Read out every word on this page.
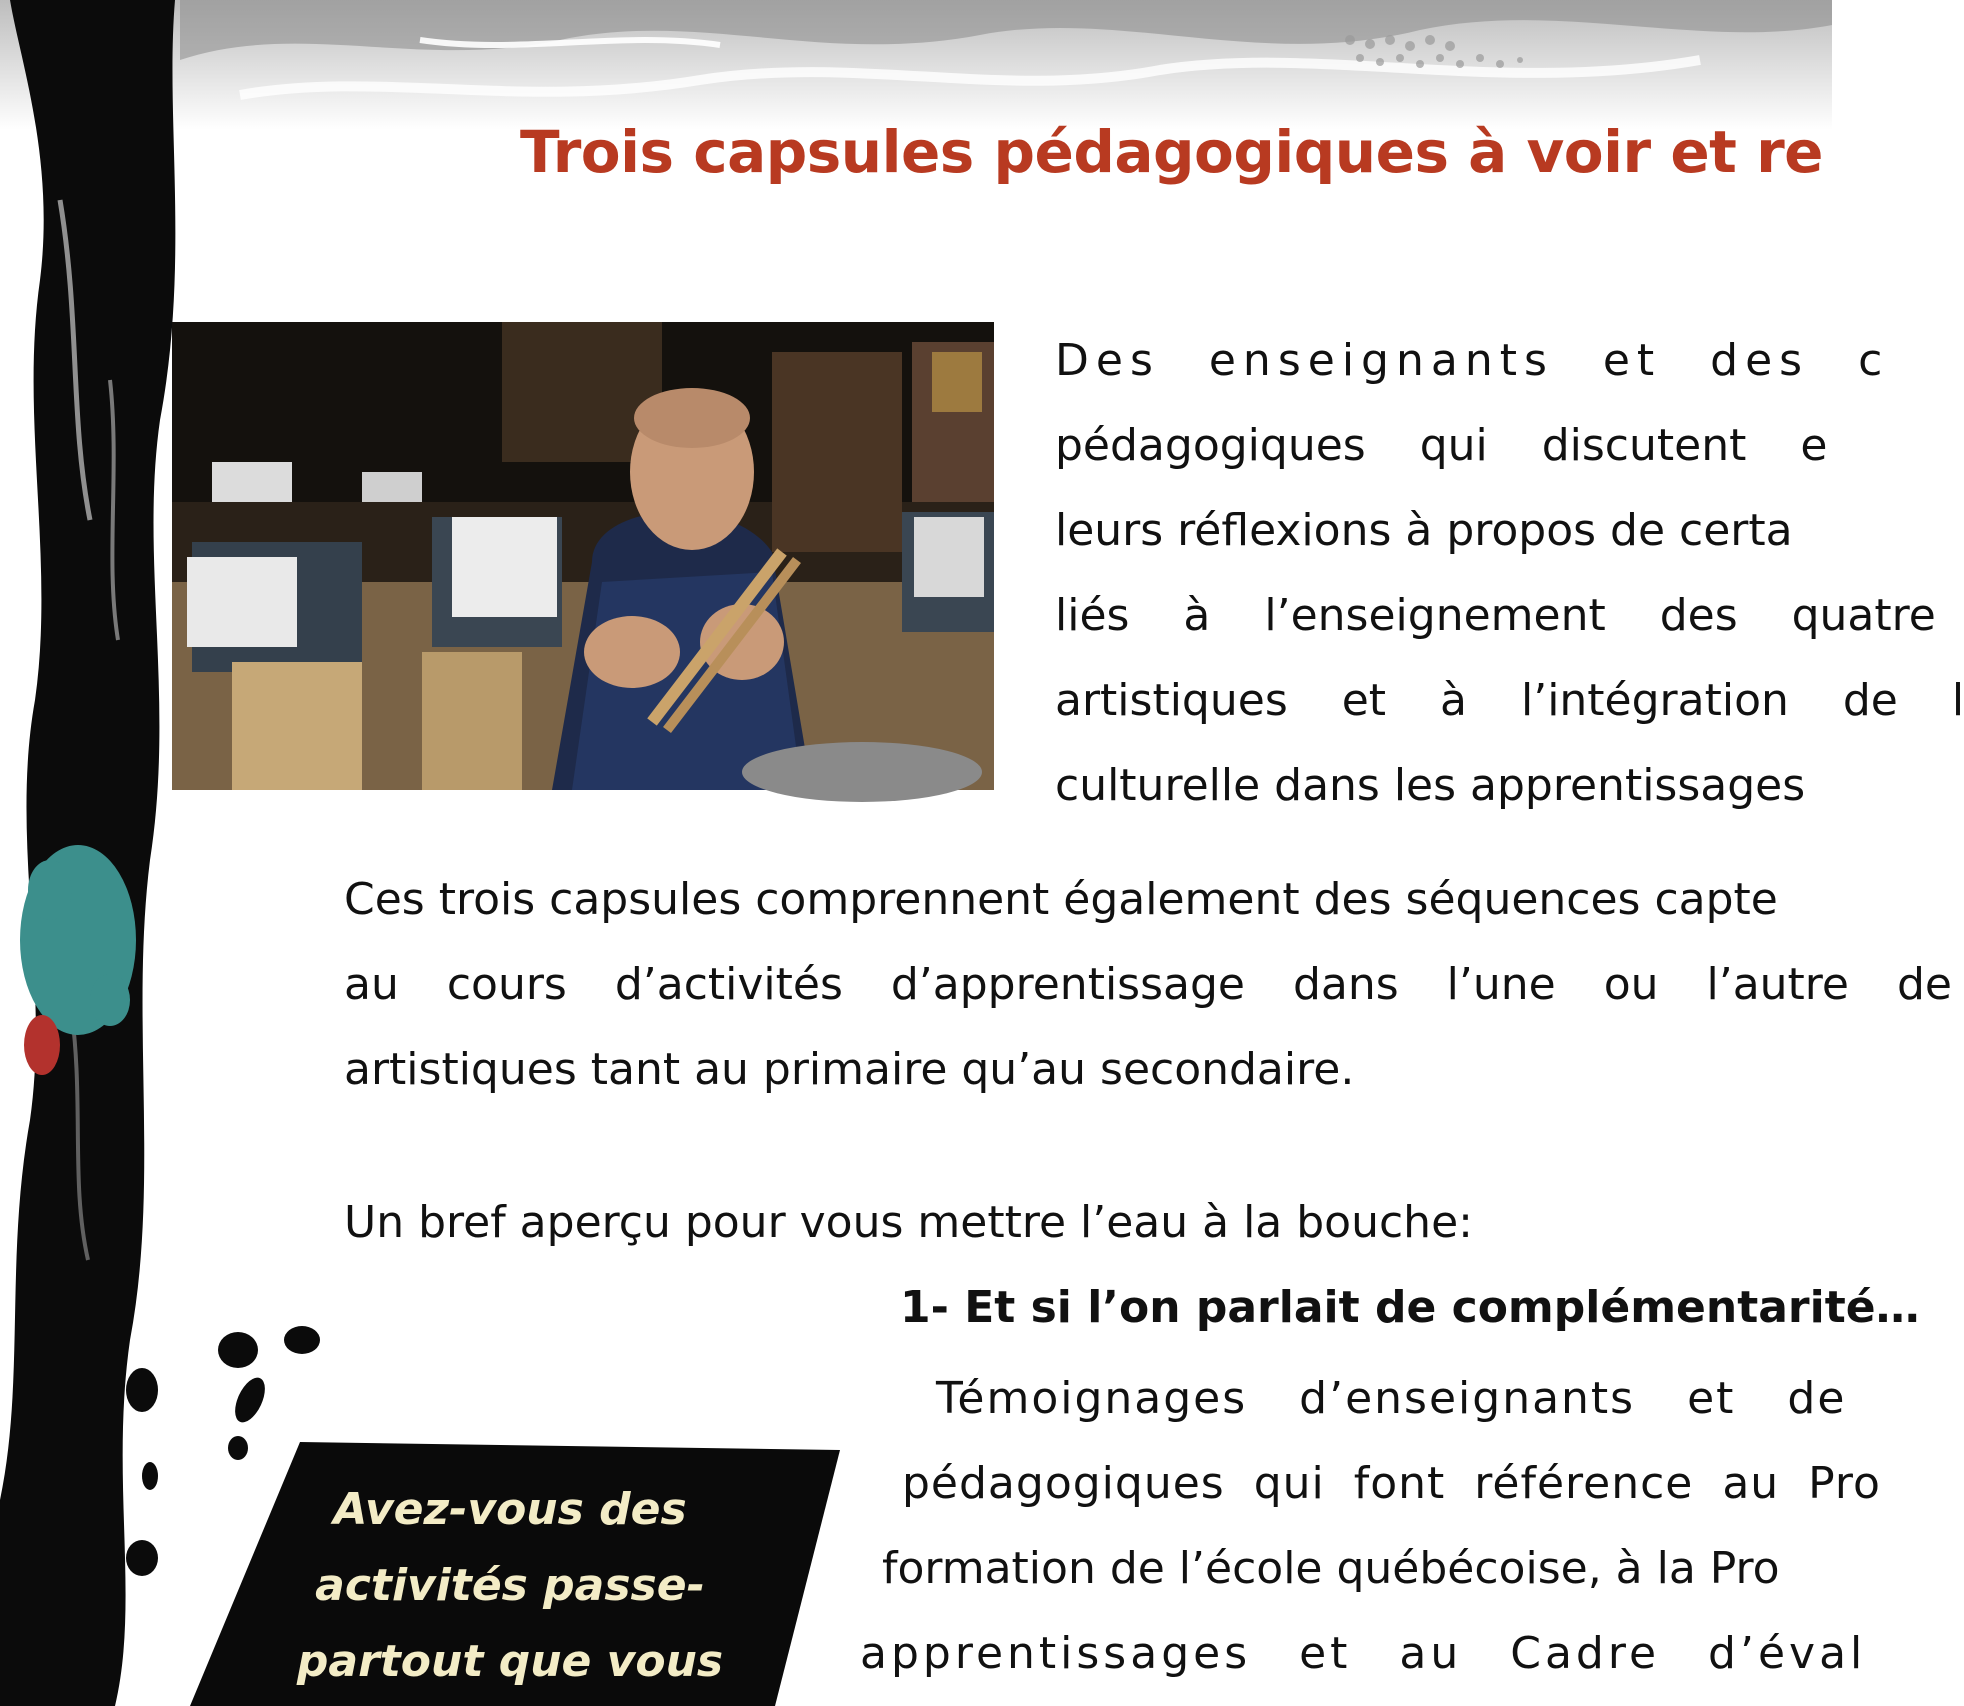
Trois capsules pédagogiques à voir et re
Des enseignants et des c
pédagogiques qui discutent e
leurs réflexions à propos de certa
liés à l’enseignement des quatre
artistiques et à l’intégration de l
culturelle dans les apprentissages
Ces trois capsules comprennent également des séquences capte
au cours d’activités d’apprentissage dans l’une ou l’autre de
artistiques tant au primaire qu’au secondaire.
Un bref aperçu pour vous mettre l’eau à la bouche:
1- Et si l’on parlait de complémentarité…
Témoignages d’enseignants et de
pédagogiques qui font référence au Pro
formation de l’école québécoise, à la Pro
apprentissages et au Cadre d’éval
Avez-vous des
activités passe-
partout que vous
